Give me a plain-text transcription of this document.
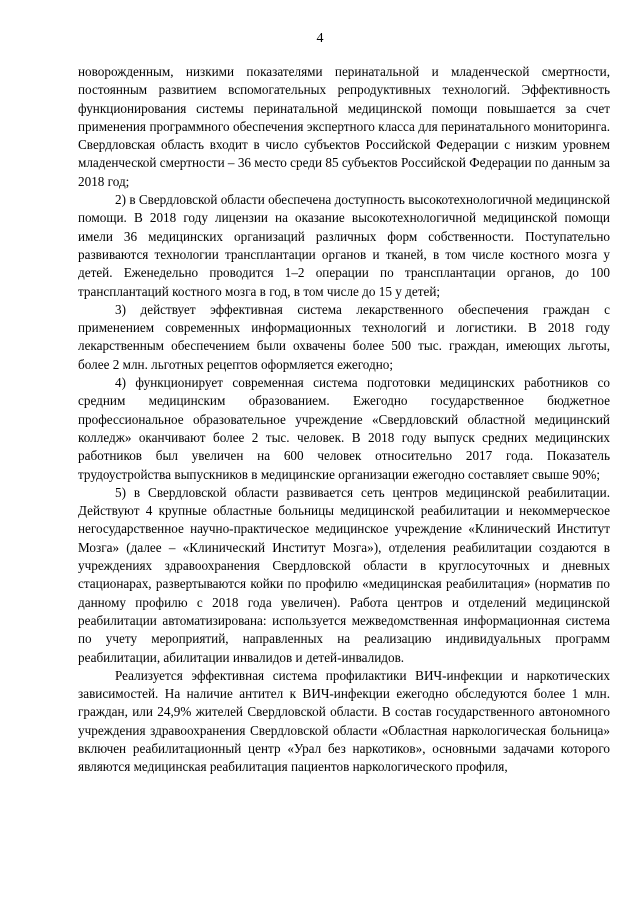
4

новорожденным, низкими показателями перинатальной и младенческой смертности, постоянным развитием вспомогательных репродуктивных технологий. Эффективность функционирования системы перинатальной медицинской помощи повышается за счет применения программного обеспечения экспертного класса для перинатального мониторинга. Свердловская область входит в число субъектов Российской Федерации с низким уровнем младенческой смертности – 36 место среди 85 субъектов Российской Федерации по данным за 2018 год;

2) в Свердловской области обеспечена доступность высокотехнологичной медицинской помощи. В 2018 году лицензии на оказание высокотехнологичной медицинской помощи имели 36 медицинских организаций различных форм собственности. Поступательно развиваются технологии трансплантации органов и тканей, в том числе костного мозга у детей. Еженедельно проводится 1–2 операции по трансплантации органов, до 100 трансплантаций костного мозга в год, в том числе до 15 у детей;

3) действует эффективная система лекарственного обеспечения граждан с применением современных информационных технологий и логистики. В 2018 году лекарственным обеспечением были охвачены более 500 тыс. граждан, имеющих льготы, более 2 млн. льготных рецептов оформляется ежегодно;

4) функционирует современная система подготовки медицинских работников со средним медицинским образованием. Ежегодно государственное бюджетное профессиональное образовательное учреждение «Свердловский областной медицинский колледж» оканчивают более 2 тыс. человек. В 2018 году выпуск средних медицинских работников был увеличен на 600 человек относительно 2017 года. Показатель трудоустройства выпускников в медицинские организации ежегодно составляет свыше 90%;

5) в Свердловской области развивается сеть центров медицинской реабилитации. Действуют 4 крупные областные больницы медицинской реабилитации и некоммерческое негосударственное научно-практическое медицинское учреждение «Клинический Институт Мозга» (далее – «Клинический Институт Мозга»), отделения реабилитации создаются в учреждениях здравоохранения Свердловской области в круглосуточных и дневных стационарах, развертываются койки по профилю «медицинская реабилитация» (норматив по данному профилю с 2018 года увеличен). Работа центров и отделений медицинской реабилитации автоматизирована: используется межведомственная информационная система по учету мероприятий, направленных на реализацию индивидуальных программ реабилитации, абилитации инвалидов и детей-инвалидов.

Реализуется эффективная система профилактики ВИЧ-инфекции и наркотических зависимостей. На наличие антител к ВИЧ-инфекции ежегодно обследуются более 1 млн. граждан, или 24,9% жителей Свердловской области. В состав государственного автономного учреждения здравоохранения Свердловской области «Областная наркологическая больница» включен реабилитационный центр «Урал без наркотиков», основными задачами которого являются медицинская реабилитация пациентов наркологического профиля,
